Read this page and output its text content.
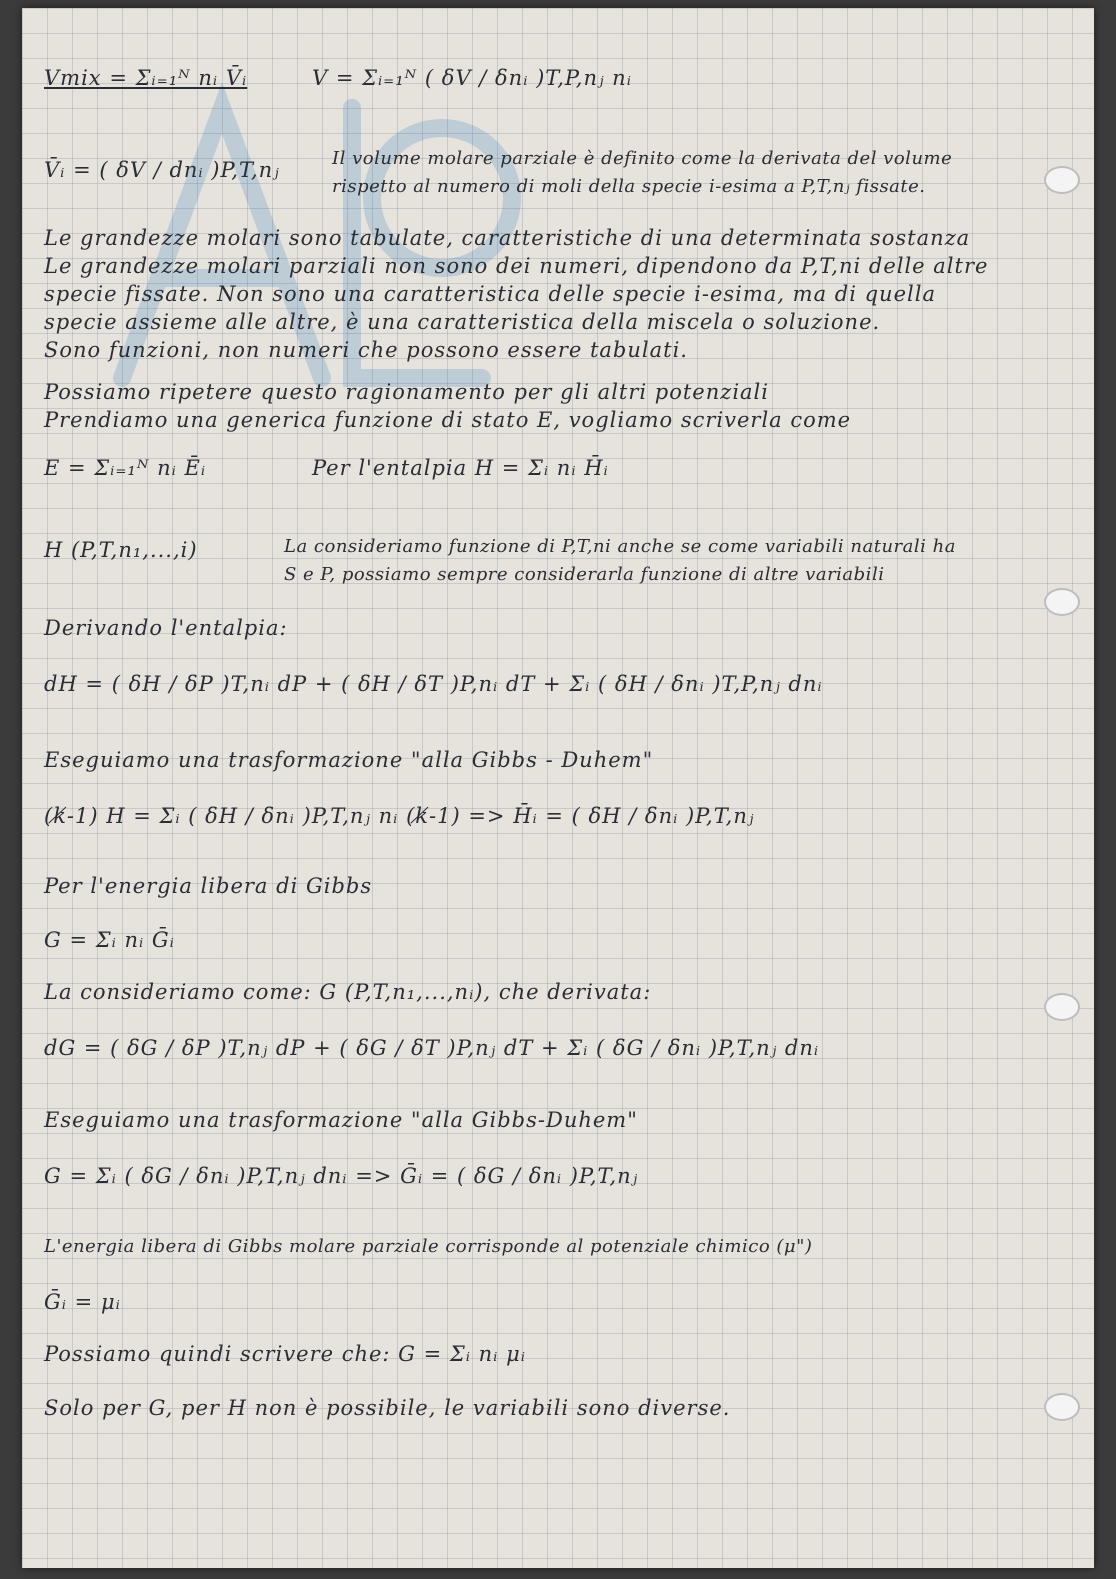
Vmix = Σᵢ₌₁ᴺ nᵢ V̄ᵢ	V = Σᵢ₌₁ᴺ ( δV / δnᵢ )T,P,nⱼ nᵢ
V̄ᵢ = ( δV / dnᵢ )P,T,nⱼ	Il volume molare parziale è definito come la derivata del volume
rispetto al numero di moli della specie i-esima a P,T,nⱼ fissate.
Le grandezze molari sono tabulate, caratteristiche di una determinata sostanza
Le grandezze molari parziali non sono dei numeri, dipendono da P,T,ni delle altre
specie fissate. Non sono una caratteristica delle specie i-esima, ma di quella
specie assieme alle altre, è una caratteristica della miscela o soluzione.
Sono funzioni, non numeri che possono essere tabulati.
Possiamo ripetere questo ragionamento per gli altri potenziali
Prendiamo una generica funzione di stato E, vogliamo scriverla come
E = Σᵢ₌₁ᴺ nᵢ Ēᵢ	Per l'entalpia H = Σᵢ nᵢ H̄ᵢ
H (P,T,n₁,...,i)	La consideriamo funzione di P,T,ni anche se come variabili naturali ha
S e P, possiamo sempre considerarla funzione di altre variabili
Derivando l'entalpia:
dH = ( δH / δP )T,nᵢ dP + ( δH / δT )P,nᵢ dT + Σᵢ ( δH / δnᵢ )T,P,nⱼ dnᵢ
Eseguiamo una trasformazione "alla Gibbs - Duhem"
(k̸-1) H = Σᵢ ( δH / δnᵢ )P,T,nⱼ nᵢ (k̸-1) => H̄ᵢ = ( δH / δnᵢ )P,T,nⱼ
Per l'energia libera di Gibbs
G = Σᵢ nᵢ Ḡᵢ
La consideriamo come: G (P,T,n₁,...,nᵢ), che derivata:
dG = ( δG / δP )T,nⱼ dP + ( δG / δT )P,nⱼ dT + Σᵢ ( δG / δnᵢ )P,T,nⱼ dnᵢ
Eseguiamo una trasformazione "alla Gibbs-Duhem"
G = Σᵢ ( δG / δnᵢ )P,T,nⱼ dnᵢ => Ḡᵢ = ( δG / δnᵢ )P,T,nⱼ
L'energia libera di Gibbs molare parziale corrisponde al potenziale chimico (μ")
Ḡᵢ = μᵢ
Possiamo quindi scrivere che: G = Σᵢ nᵢ μᵢ
Solo per G, per H non è possibile, le variabili sono diverse.
